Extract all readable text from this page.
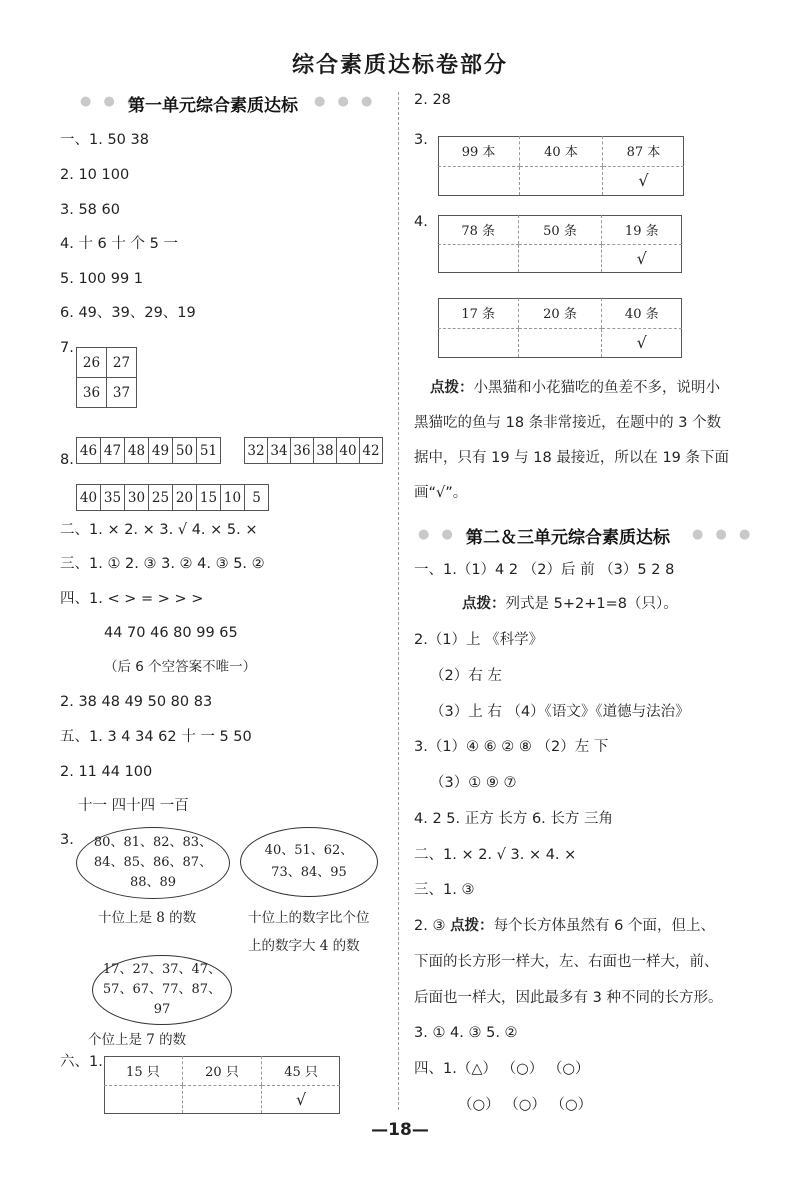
综合素质达标卷部分
● ● ●
第一单元综合素质达标 ● ● ●
一、1. 50 38
2. 10 100
3. 58 60
4. 十 6 十 个 5 一
5. 100 99 1
6. 49、39、29、19
7.
26	27
36	37
8.
46	47	48	49	50	51 32	34	36	38	40	42
40	35	30	25	20	15	10	5
二、1. × 2. × 3. √ 4. × 5. ×
三、1. ① 2. ③ 3. ② 4. ③ 5. ②
四、1. < > = > > >
44 70 46 80 99 65
（后 6 个空答案不唯一）
2. 38 48 49 50 80 83
五、1. 3 4 34 62 十 一 5 50
2. 11 44 100
十一 四十四 一百
3. 80、81、82、83、
84、85、86、87、
88、89
十位上是 8 的数
40、51、62、
73、84、95
十位上的数字比个位
上的数字大 4 的数
17、27、37、47、
57、67、77、87、
97
个位上是 7 的数
六、1.
15 只	20 只	45 只
		√
2. 28
3.
99 本	40 本	87 本
		√
4.
78 条	50 条	19 条
		√
17 条	20 条	40 条
		√
点拨：小黑猫和小花猫吃的鱼差不多，说明小
黑猫吃的鱼与 18 条非常接近，在题中的 3 个数
据中，只有 19 与 18 最接近，所以在 19 条下面
画“√”。
● ● ●
第二＆三单元综合素质达标 ● ● ●
一、1.（1）4 2 （2）后 前 （3）5 2 8
点拨：列式是 5+2+1=8（只）。
2.（1）上 《科学》
（2）右 左
（3）上 右 （4）《语文》《道德与法治》
3.（1）④ ⑥ ② ⑧ （2）左 下
（3）① ⑨ ⑦
4. 2 5. 正方 长方 6. 长方 三角
二、1. × 2. √ 3. × 4. ×
三、1. ③
2. ③ 点拨：每个长方体虽然有 6 个面，但上、
下面的长方形一样大，左、右面也一样大，前、
后面也一样大，因此最多有 3 种不同的长方形。
3. ① 4. ③ 5. ②
四、1.（△） （○） （○）
（○） （○） （○）
—18—
